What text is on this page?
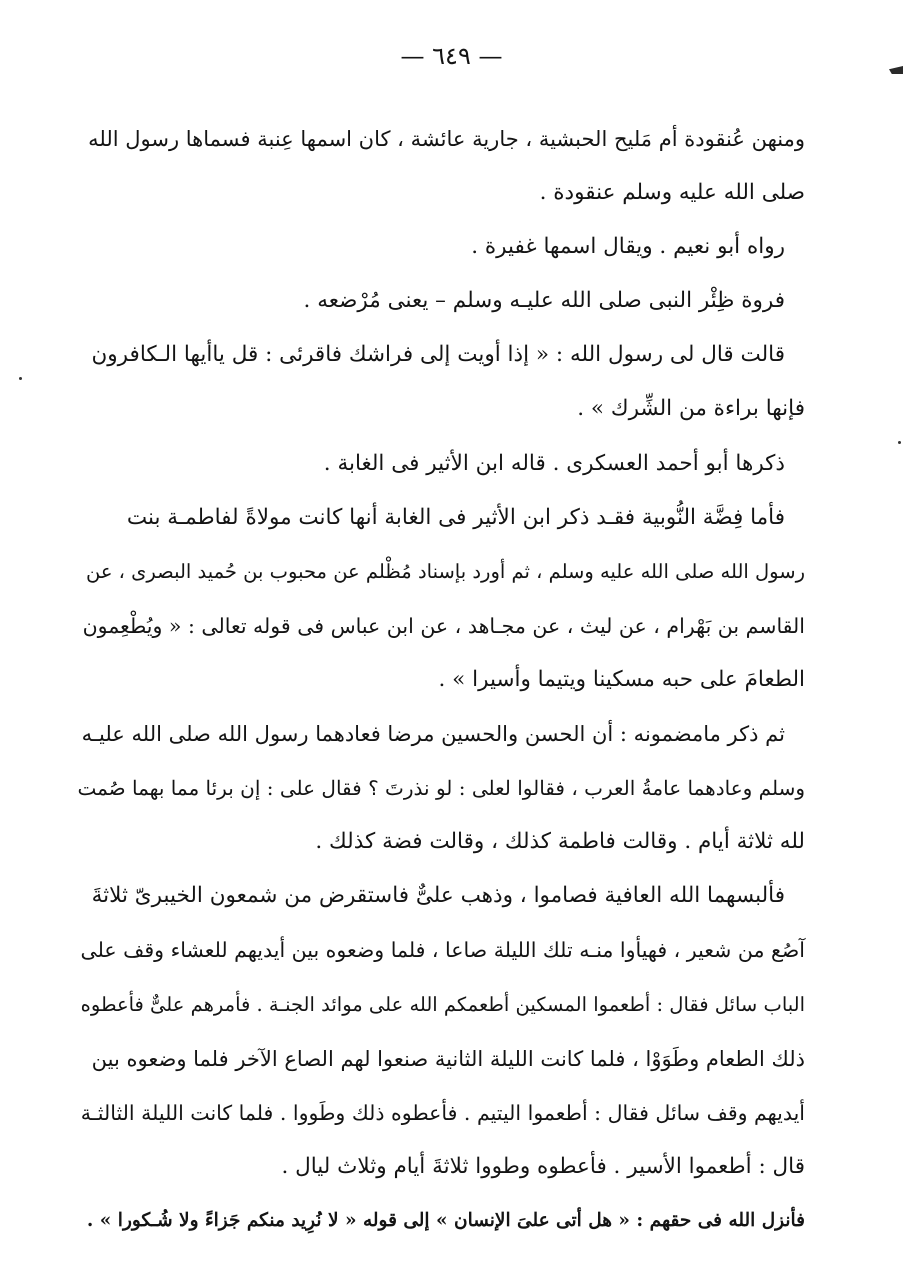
— ٦٤٩ —
ومنهن عُنقودة أم مَليح الحبشية ، جارية عائشة ، كان اسمها عِنبة فسماها رسول الله
صلى الله عليه وسلم عنقودة .
رواه أبو نعيم . ويقال اسمها غفيرة .
فروة ظِئْر النبى صلى الله عليـه وسلم – يعنى مُرْضعه .
قالت قال لى رسول الله : « إذا أويت إلى فراشك فاقرئى : قل ياأيها الـكافرون
فإنها براءة من الشِّرك » .
ذكرها أبو أحمد العسكرى . قاله ابن الأثير فى الغابة .
فأما فِضَّة النُّوبية فقـد ذكر ابن الأثير فى الغابة أنها كانت مولاةً لفاطمـة بنت
رسول الله صلى الله عليه وسلم ، ثم أورد بإسناد مُظْلم عن محبوب بن حُميد البصرى ، عن
القاسم بن بَهْرام ، عن ليث ، عن مجـاهد ، عن ابن عباس فى قوله تعالى : « ويُطْعِمون
الطعامَ على حبه مسكينا ويتيما وأسيرا » .
ثم ذكر مامضمونه : أن الحسن والحسين مرضا فعادهما رسول الله صلى الله عليـه
وسلم وعادهما عامةُ العرب ، فقالوا لعلى : لو نذرتَ ؟ فقال على : إن برئا مما بهما صُمت
لله ثلاثة أيام . وقالت فاطمة كذلك ، وقالت فضة كذلك .
فألبسهما الله العافية فصاموا ، وذهب علىٌّ فاستقرض من شمعون الخيبرىّ ثلاثةَ
آصُع من شعير ، فهيأوا منـه تلك الليلة صاعا ، فلما وضعوه بين أيديهم للعشاء وقف على
الباب سائل فقال : أطعموا المسكين أطعمكم الله على موائد الجنـة . فأمرهم علىٌّ فأعطوه
ذلك الطعام وطَوَوْا ، فلما كانت الليلة الثانية صنعوا لهم الصاع الآخر فلما وضعوه بين
أيديهم وقف سائل فقال : أطعموا اليتيم . فأعطوه ذلك وطَووا . فلما كانت الليلة الثالثـة
قال : أطعموا الأسير . فأعطوه وطووا ثلاثةَ أيام وثلاث ليال .
فأنزل الله فى حقهم : « هل أتى علىَ الإنسان » إلى قوله « لا نُرِيد منكم جَزاءً ولا شُـكورا » .
